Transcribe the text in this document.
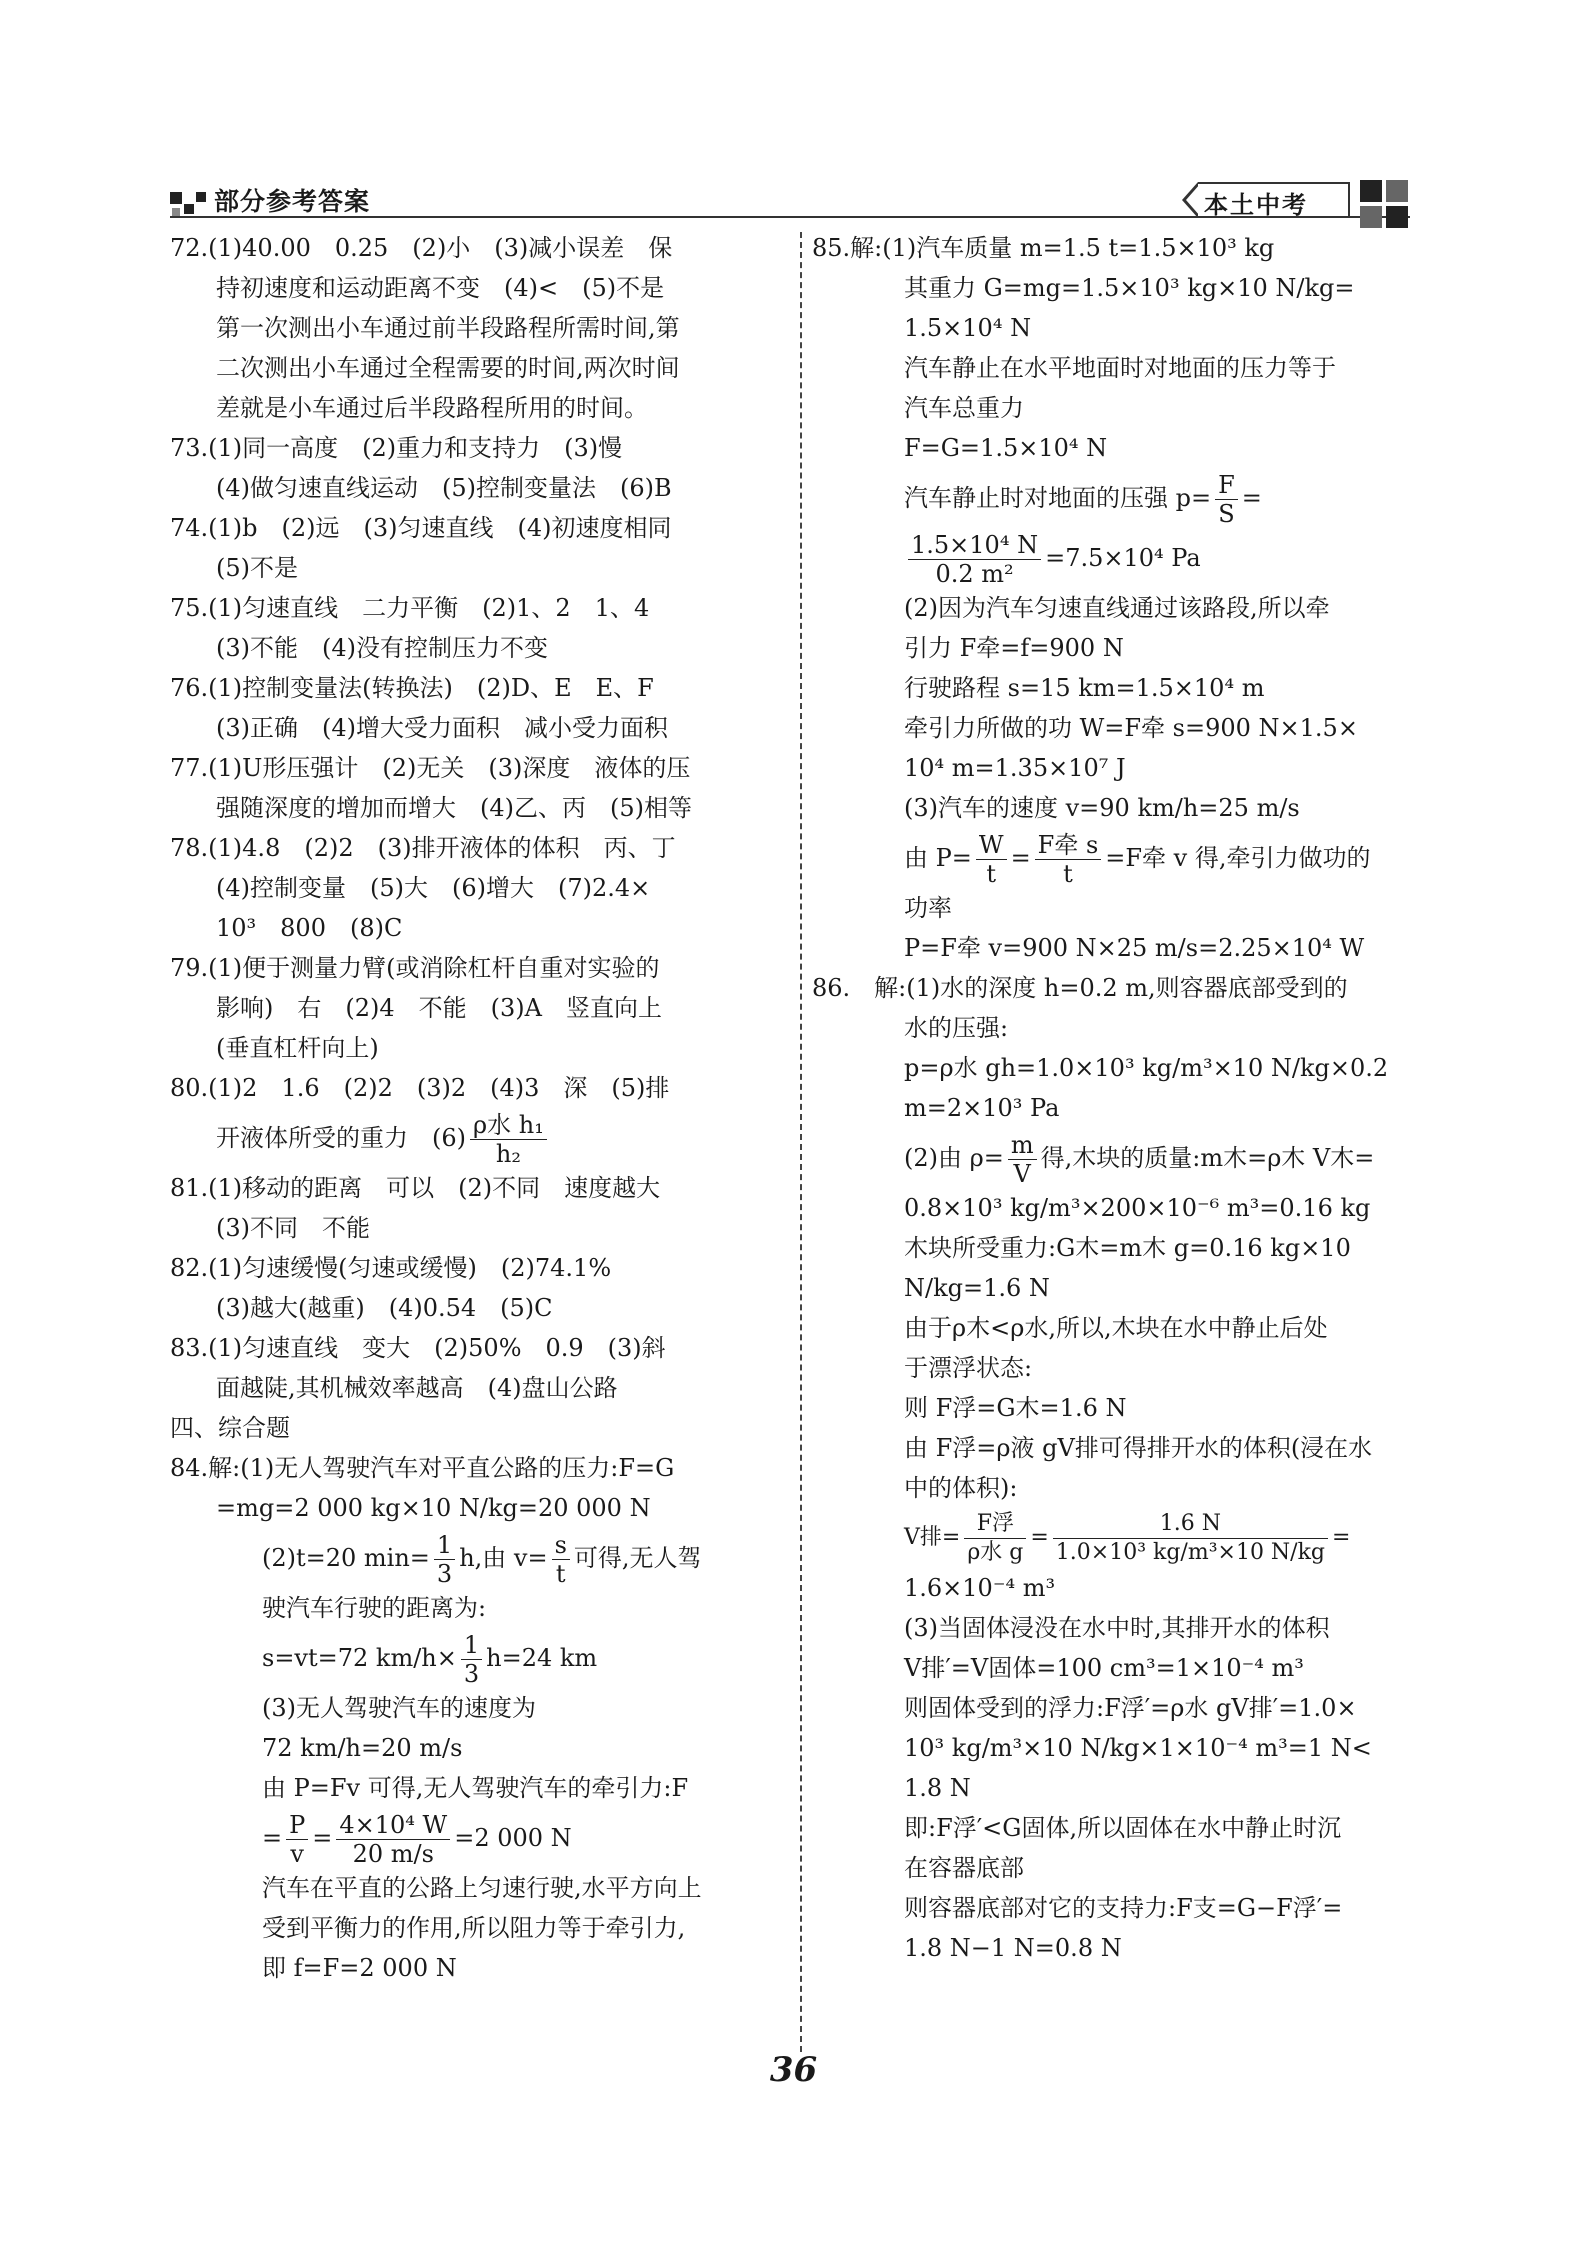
部分参考答案	本土中考
72.(1)40.00　0.25　(2)小　(3)减小误差　保
持初速度和运动距离不变　(4)<　(5)不是
第一次测出小车通过前半段路程所需时间,第
二次测出小车通过全程需要的时间,两次时间
差就是小车通过后半段路程所用的时间。
73.(1)同一高度　(2)重力和支持力　(3)慢
(4)做匀速直线运动　(5)控制变量法　(6)B
74.(1)b　(2)远　(3)匀速直线　(4)初速度相同
(5)不是
75.(1)匀速直线　二力平衡　(2)1、2　1、4
(3)不能　(4)没有控制压力不变
76.(1)控制变量法(转换法)　(2)D、E　E、F
(3)正确　(4)增大受力面积　减小受力面积
77.(1)U形压强计　(2)无关　(3)深度　液体的压
强随深度的增加而增大　(4)乙、丙　(5)相等
78.(1)4.8　(2)2　(3)排开液体的体积　丙、丁
(4)控制变量　(5)大　(6)增大　(7)2.4×
10³　800　(8)C
79.(1)便于测量力臂(或消除杠杆自重对实验的
影响)　右　(2)4　不能　(3)A　竖直向上
(垂直杠杆向上)
80.(1)2　1.6　(2)2　(3)2　(4)3　深　(5)排
开液体所受的重力　$(6) \frac{\text{ρ水 h₁}}{\text{h₂}}$
81.(1)移动的距离　可以　(2)不同　速度越大
(3)不同　不能
82.(1)匀速缓慢(匀速或缓慢)　(2)74.1%
(3)越大(越重)　(4)0.54　(5)C
83.(1)匀速直线　变大　(2)50%　0.9　(3)斜
面越陡,其机械效率越高　(4)盘山公路
四、综合题
84.解:(1)无人驾驶汽车对平直公路的压力:F=G
=mg=2 000 kg×10 N/kg=20 000 N
(2)t=20 $\min= \frac{1}{3} h$,由 $v= \frac{s}{t}$ 可得,无人驾
驶汽车行驶的距离为:
s=vt=72 $km/h\times \frac{1}{3} h=24$ km
(3)无人驾驶汽车的速度为
72 km/h=20 m/s
由 P=Fv 可得,无人驾驶汽车的牵引力:F
= $\frac{P}{v} = \frac{\text{4×10⁴ W}}{20 m/s} =2$ 000 N
汽车在平直的公路上匀速行驶,水平方向上
受到平衡力的作用,所以阻力等于牵引力,
即 f=F=2 000 N
85.解:(1)汽车质量 m=1.5 t=1.5×10³ kg
其重力 G=mg=1.5×10³ kg×10 N/kg=
1.5×10⁴ N
汽车静止在水平地面时对地面的压力等于
汽车总重力
F=G=1.5×10⁴ N
汽车静止时对地面的压强 $p= \frac{F}{S}$ =
$\frac{\text{1.5×10⁴ N}}{\text{0.2 m²}} =7.5\times 10^4$ Pa
(2)因为汽车匀速直线通过该路段,所以牵
引力 F牵=f=900 N
行驶路程 s=15 km=1.5×10⁴ m
牵引力所做的功 W=F牵 s=900 N×1.5×
10⁴ m=1.35×10⁷ J
(3)汽车的速度 v=90 km/h=25 m/s
由 $P= \frac{W}{t} = \frac{\text{F牵 s}}{t} =F$牵 v 得,牵引力做功的
功率
P=F牵 v=900 N×25 m/s=2.25×10⁴ W
86.　解:(1)水的深度 h=0.2 m,则容器底部受到的
水的压强:
p=ρ水 gh=1.0×10³ kg/m³×10 N/kg×0.2
m=2×10³ Pa
(2)由 $\rho= \frac{m}{V}$ 得,木块的质量:m木=ρ木 V木=
0.8×10³ kg/m³×200×10⁻⁶ m³=0.16 kg
木块所受重力:G木=m木 g=0.16 kg×10
N/kg=1.6 N
由于ρ木<ρ水,所以,木块在水中静止后处
于漂浮状态:
则 F浮=G木=1.6 N
由 F浮=ρ液 gV排可得排开水的体积(浸在水
中的体积):
V排= $\frac{\text{F浮}}{\text{ρ水 g}} = \frac{1.6 N}{\text{1.0×10³ kg/m³×10 N/kg}}$ =
1.6×10⁻⁴ m³
(3)当固体浸没在水中时,其排开水的体积
V排′=V固体=100 cm³=1×10⁻⁴ m³
则固体受到的浮力:F浮′=ρ水 gV排′=1.0×
10³ kg/m³×10 N/kg×1×10⁻⁴ m³=1 N<
1.8 N
即:F浮′<G固体,所以固体在水中静止时沉
在容器底部
则容器底部对它的支持力:F支=G−F浮′=
1.8 N−1 N=0.8 N
36
